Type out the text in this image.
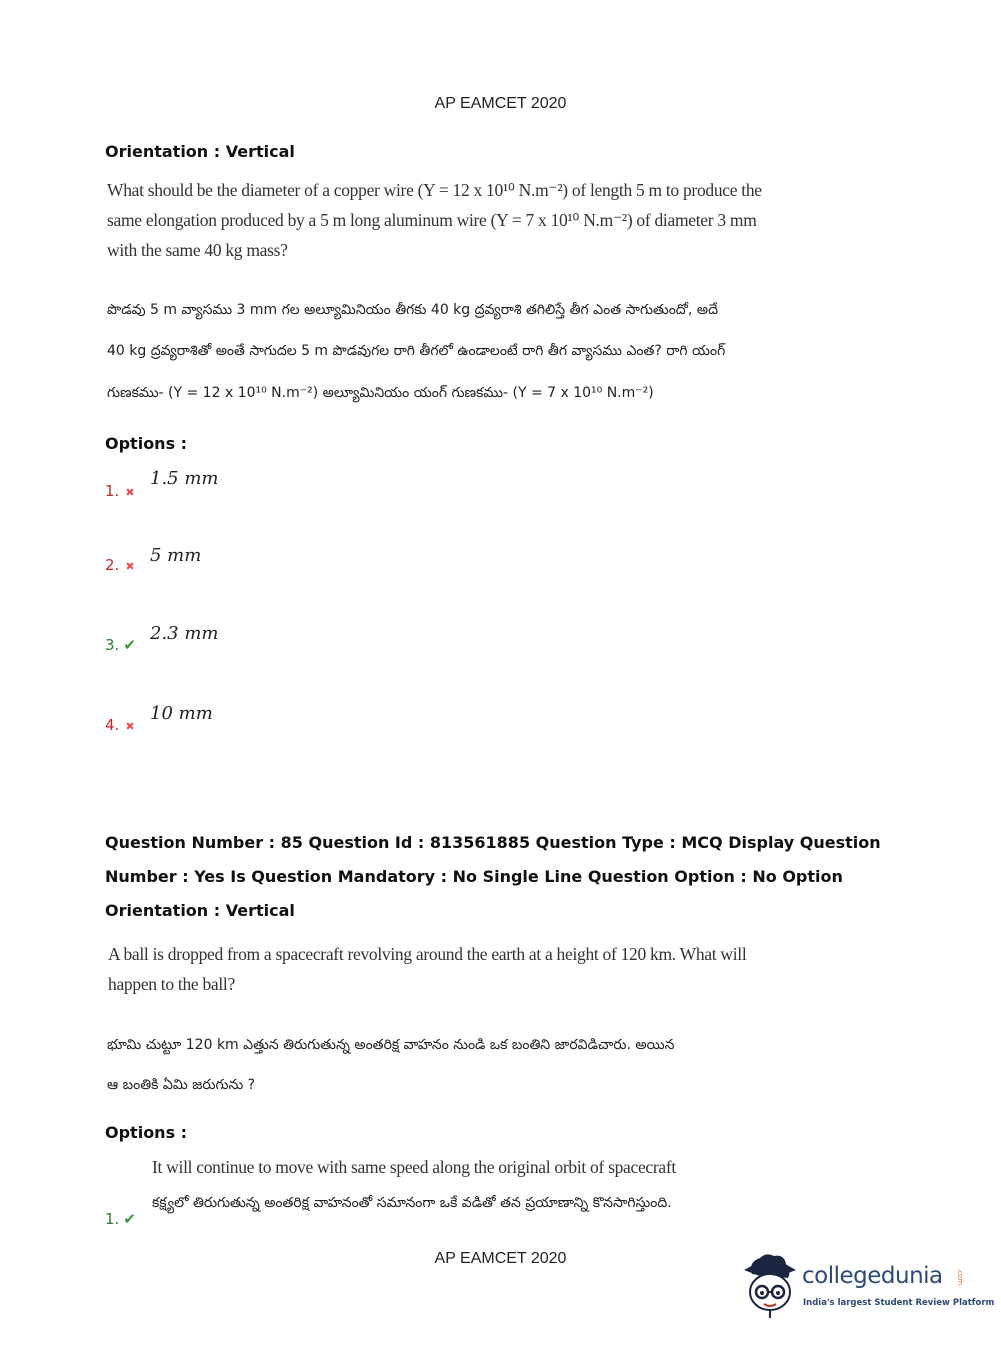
AP EAMCET 2020
Orientation : Vertical
What should be the diameter of a copper wire (Y = 12 x 10¹⁰ N.m⁻²) of length 5 m to produce the
same elongation produced by a 5 m long aluminum wire (Y = 7 x 10¹⁰ N.m⁻²) of diameter 3 mm
with the same 40 kg mass?
పొడవు 5 m వ్యాసము 3 mm గల అల్యూమినియం తీగకు 40 kg ద్రవ్యరాశి తగిలిస్తే తీగ ఎంత సాగుతుందో, అదే
40 kg ద్రవ్యరాశితో అంతే సాగుదల 5 m పొడవుగల రాగి తీగలో ఉండాలంటే రాగి తీగ వ్యాసము ఎంత? రాగి యంగ్
గుణకము- (Y = 12 x 10¹⁰ N.m⁻²) అల్యూమినియం యంగ్ గుణకము- (Y = 7 x 10¹⁰ N.m⁻²)
Options :
1. ✖
1.5 mm
2. ✖
5 mm
3. ✔
2.3 mm
4. ✖
10 mm
Question Number : 85 Question Id : 813561885 Question Type : MCQ Display Question
Number : Yes Is Question Mandatory : No Single Line Question Option : No Option
Orientation : Vertical
A ball is dropped from a spacecraft revolving around the earth at a height of 120 km. What will
happen to the ball?
భూమి చుట్టూ 120 km ఎత్తున తిరుగుతున్న అంతరిక్ష వాహనం నుండి ఒక బంతిని జారవిడిచారు. అయిన
ఆ బంతికి ఏమి జరుగును ?
Options :
It will continue to move with same speed along the original orbit of spacecraft
కక్ష్యలో తిరుగుతున్న అంతరిక్ష వాహనంతో సమానంగా ఒకే వడితో తన ప్రయాణాన్ని కొనసాగిస్తుంది.
1. ✔
AP EAMCET 2020
collegedunia .com
India's largest Student Review Platform
